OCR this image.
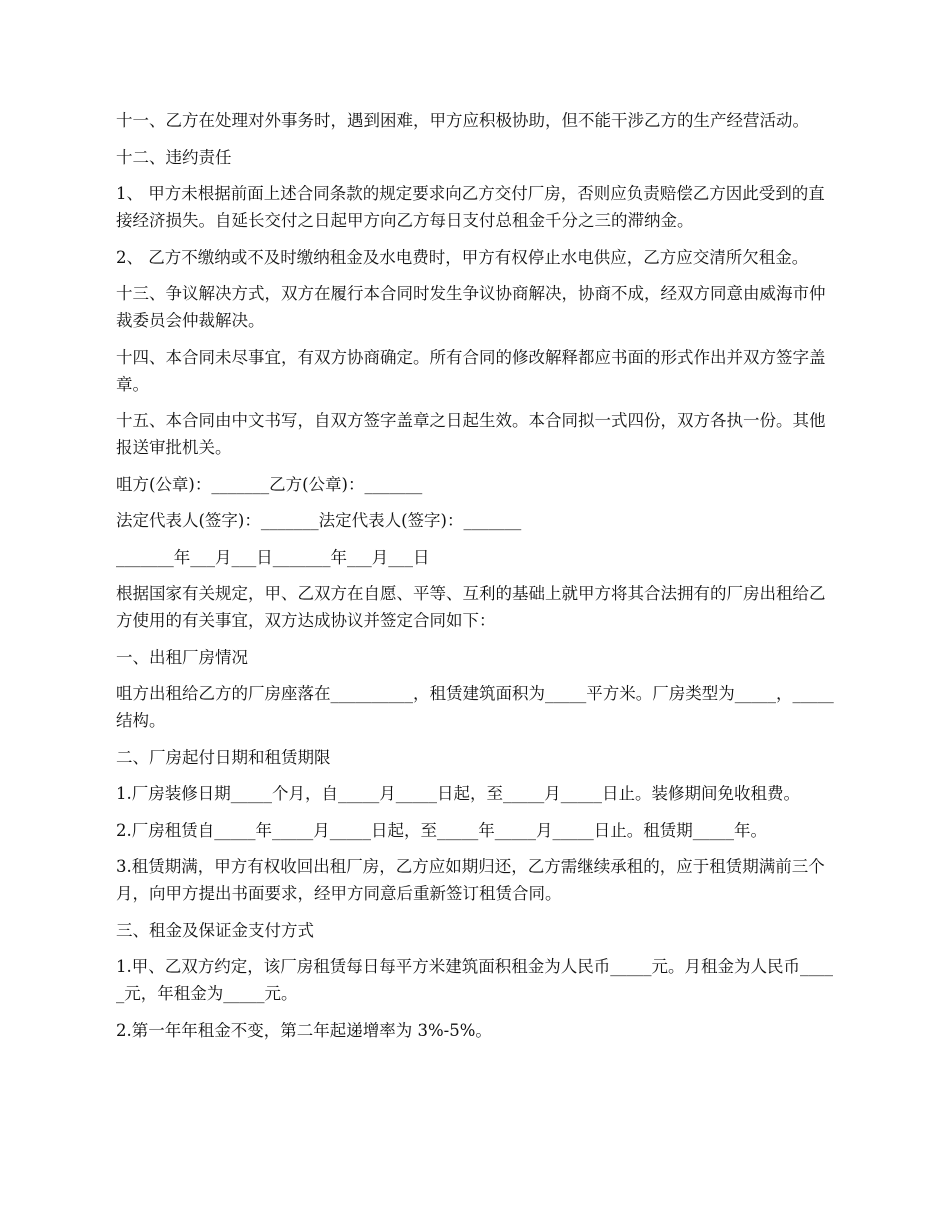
十一、乙方在处理对外事务时，遇到困难，甲方应积极协助，但不能干涉乙方的生产经营活动。

十二、违约责任

1、 甲方未根据前面上述合同条款的规定要求向乙方交付厂房，否则应负责赔偿乙方因此受到的直接经济损失。自延长交付之日起甲方向乙方每日支付总租金千分之三的滞纳金。

2、 乙方不缴纳或不及时缴纳租金及水电费时，甲方有权停止水电供应，乙方应交清所欠租金。

十三、争议解决方式，双方在履行本合同时发生争议协商解决，协商不成，经双方同意由威海市仲裁委员会仲裁解决。

十四、本合同未尽事宜，有双方协商确定。所有合同的修改解释都应书面的形式作出并双方签字盖章。

十五、本合同由中文书写，自双方签字盖章之日起生效。本合同拟一式四份，双方各执一份。其他报送审批机关。

咀方(公章)：_______乙方(公章)：_______

法定代表人(签字)：_______法定代表人(签字)：_______

_______年___月___日_______年___月___日

根据国家有关规定，甲、乙双方在自愿、平等、互利的基础上就甲方将其合法拥有的厂房出租给乙方使用的有关事宜，双方达成协议并签定合同如下：

一、出租厂房情况

咀方出租给乙方的厂房座落在__________，租赁建筑面积为_____平方米。厂房类型为_____，_____结构。

二、厂房起付日期和租赁期限

1.厂房装修日期_____个月，自_____月_____日起，至_____月_____日止。装修期间免收租费。

2.厂房租赁自_____年_____月_____日起，至_____年_____月_____日止。租赁期_____年。

3.租赁期满，甲方有权收回出租厂房，乙方应如期归还，乙方需继续承租的，应于租赁期满前三个月，向甲方提出书面要求，经甲方同意后重新签订租赁合同。

三、租金及保证金支付方式

1.甲、乙双方约定，该厂房租赁每日每平方米建筑面积租金为人民币_____元。月租金为人民币_____元，年租金为_____元。

2.第一年年租金不变，第二年起递增率为 3%-5%。
